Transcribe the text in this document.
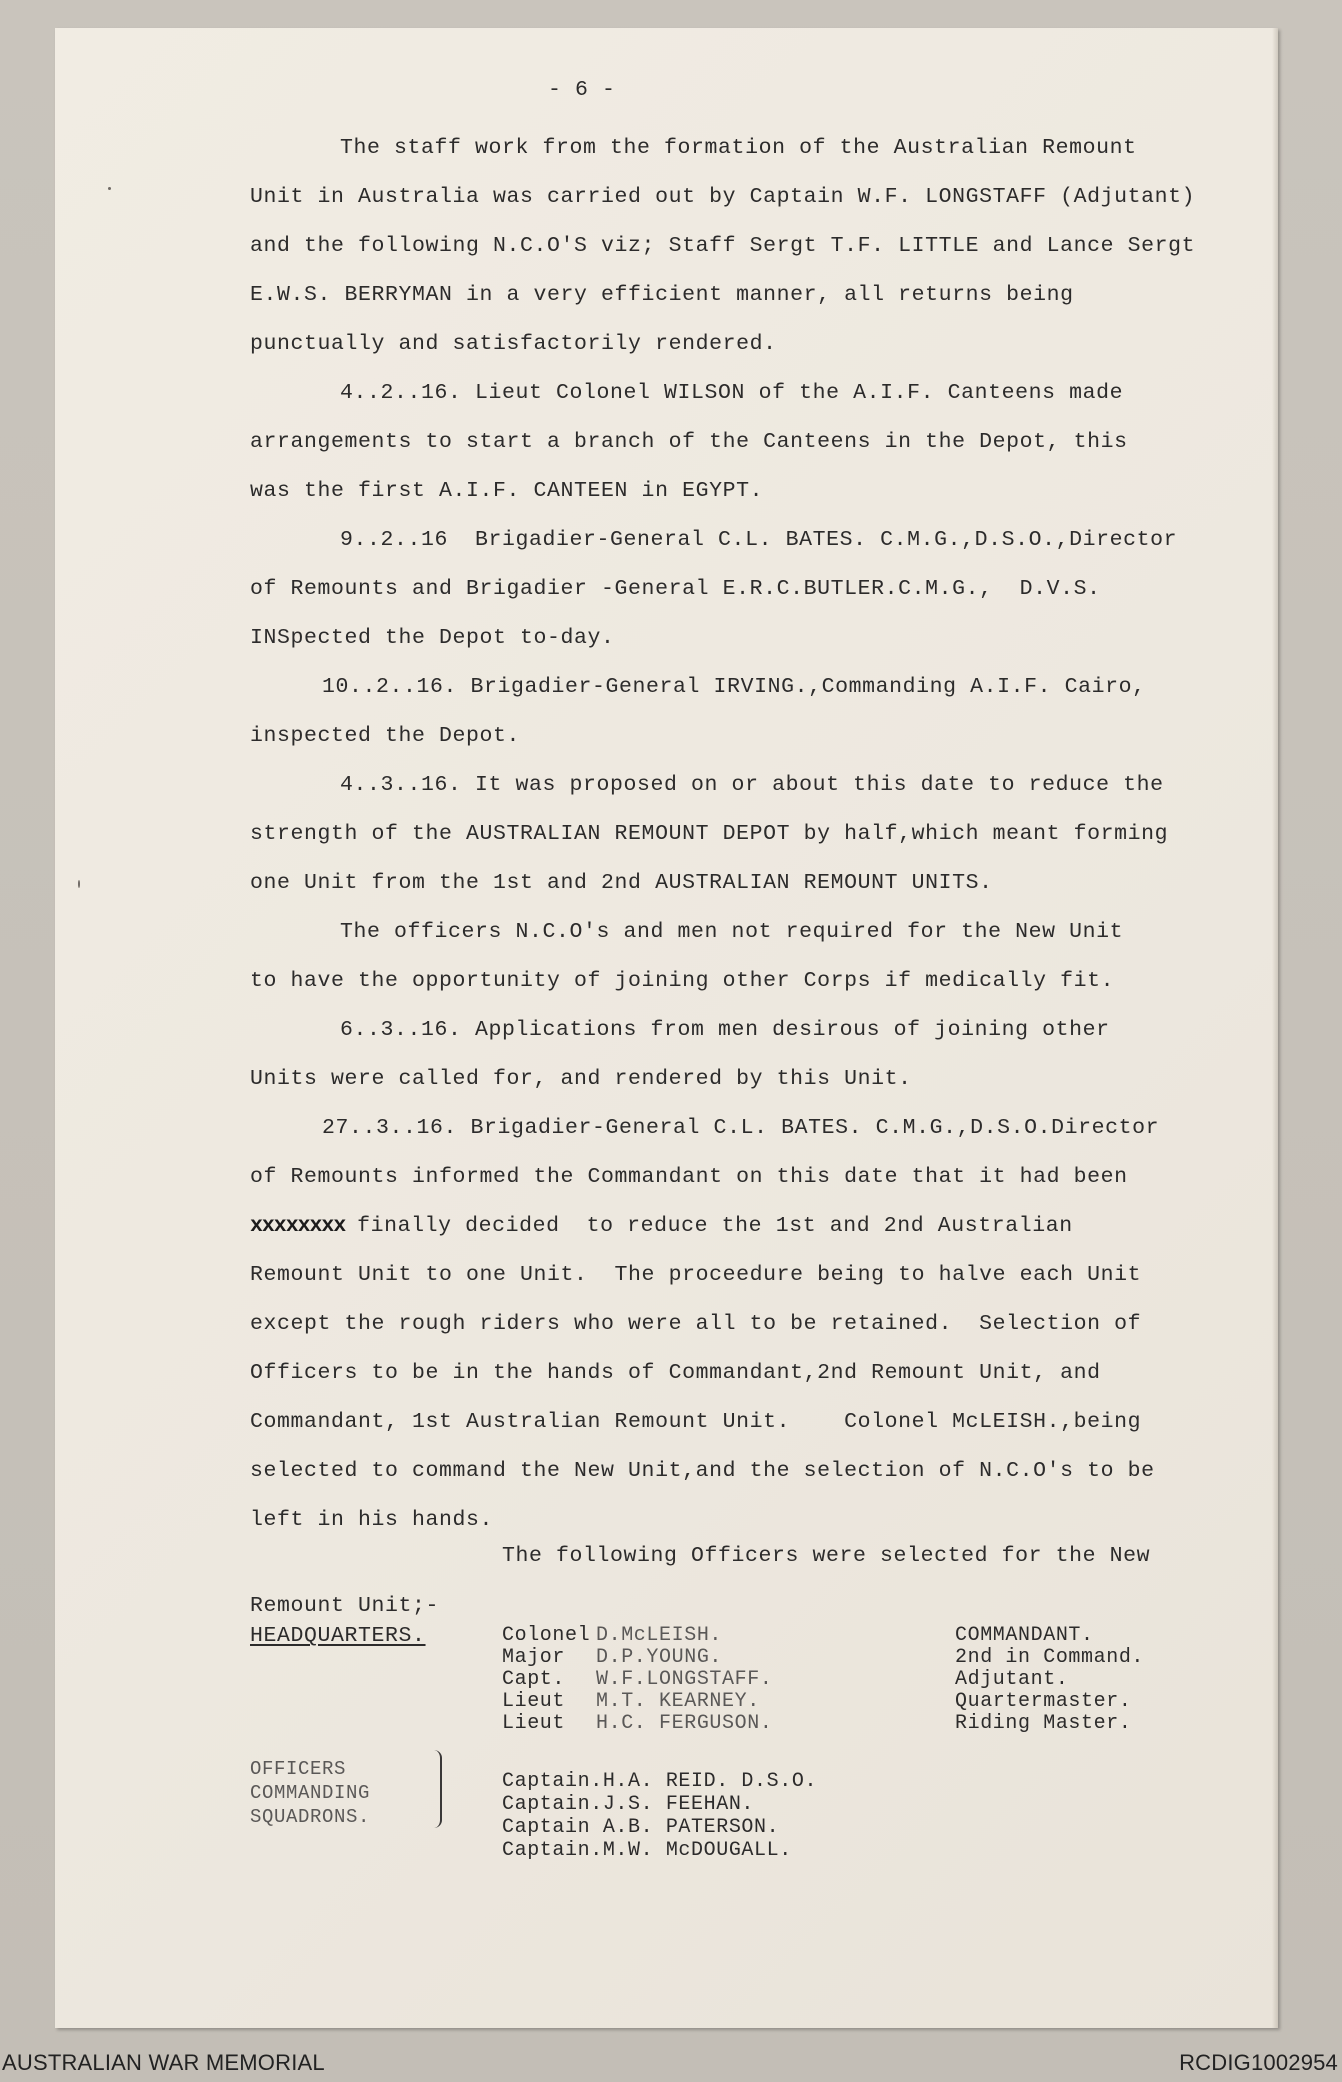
- 6 -
The staff work from the formation of the Australian Remount
Unit in Australia was carried out by Captain W.F. LONGSTAFF (Adjutant)
and the following N.C.O'S viz; Staff Sergt T.F. LITTLE and Lance Sergt
E.W.S. BERRYMAN in a very efficient manner, all returns being
punctually and satisfactorily rendered.
4..2..16. Lieut Colonel WILSON of the A.I.F. Canteens made
arrangements to start a branch of the Canteens in the Depot, this
was the first A.I.F. CANTEEN in EGYPT.
9..2..16  Brigadier-General C.L. BATES. C.M.G.,D.S.O.,Director
of Remounts and Brigadier -General E.R.C.BUTLER.C.M.G.,  D.V.S.
INSpected the Depot to-day.
10..2..16. Brigadier-General IRVING.,Commanding A.I.F. Cairo,
inspected the Depot.
4..3..16. It was proposed on or about this date to reduce the
strength of the AUSTRALIAN REMOUNT DEPOT by half,which meant forming
one Unit from the 1st and 2nd AUSTRALIAN REMOUNT UNITS.
The officers N.C.O's and men not required for the New Unit
to have the opportunity of joining other Corps if medically fit.
6..3..16. Applications from men desirous of joining other
Units were called for, and rendered by this Unit.
27..3..16. Brigadier-General C.L. BATES. C.M.G.,D.S.O.Director
of Remounts informed the Commandant on this date that it had been
xxxxxxxx finally decided  to reduce the 1st and 2nd Australian
Remount Unit to one Unit.  The proceedure being to halve each Unit
except the rough riders who were all to be retained.  Selection of
Officers to be in the hands of Commandant,2nd Remount Unit, and
Commandant, 1st Australian Remount Unit.    Colonel McLEISH.,being
selected to command the New Unit,and the selection of N.C.O's to be
left in his hands.
The following Officers were selected for the New
Remount Unit;-
HEADQUARTERS.	Colonel D.McLEISH.	COMMANDANT.
Major D.P.YOUNG.	2nd in Command.
Capt. W.F.LONGSTAFF.	Adjutant.
Lieut M.T. KEARNEY.	Quartermaster.
Lieut H.C. FERGUSON.	Riding Master.
OFFICERS
COMMANDING
SQUADRONS.
Captain.H.A. REID. D.S.O.
Captain.J.S. FEEHAN.
Captain A.B. PATERSON.
Captain.M.W. McDOUGALL.
AUSTRALIAN WAR MEMORIAL	RCDIG1002954
